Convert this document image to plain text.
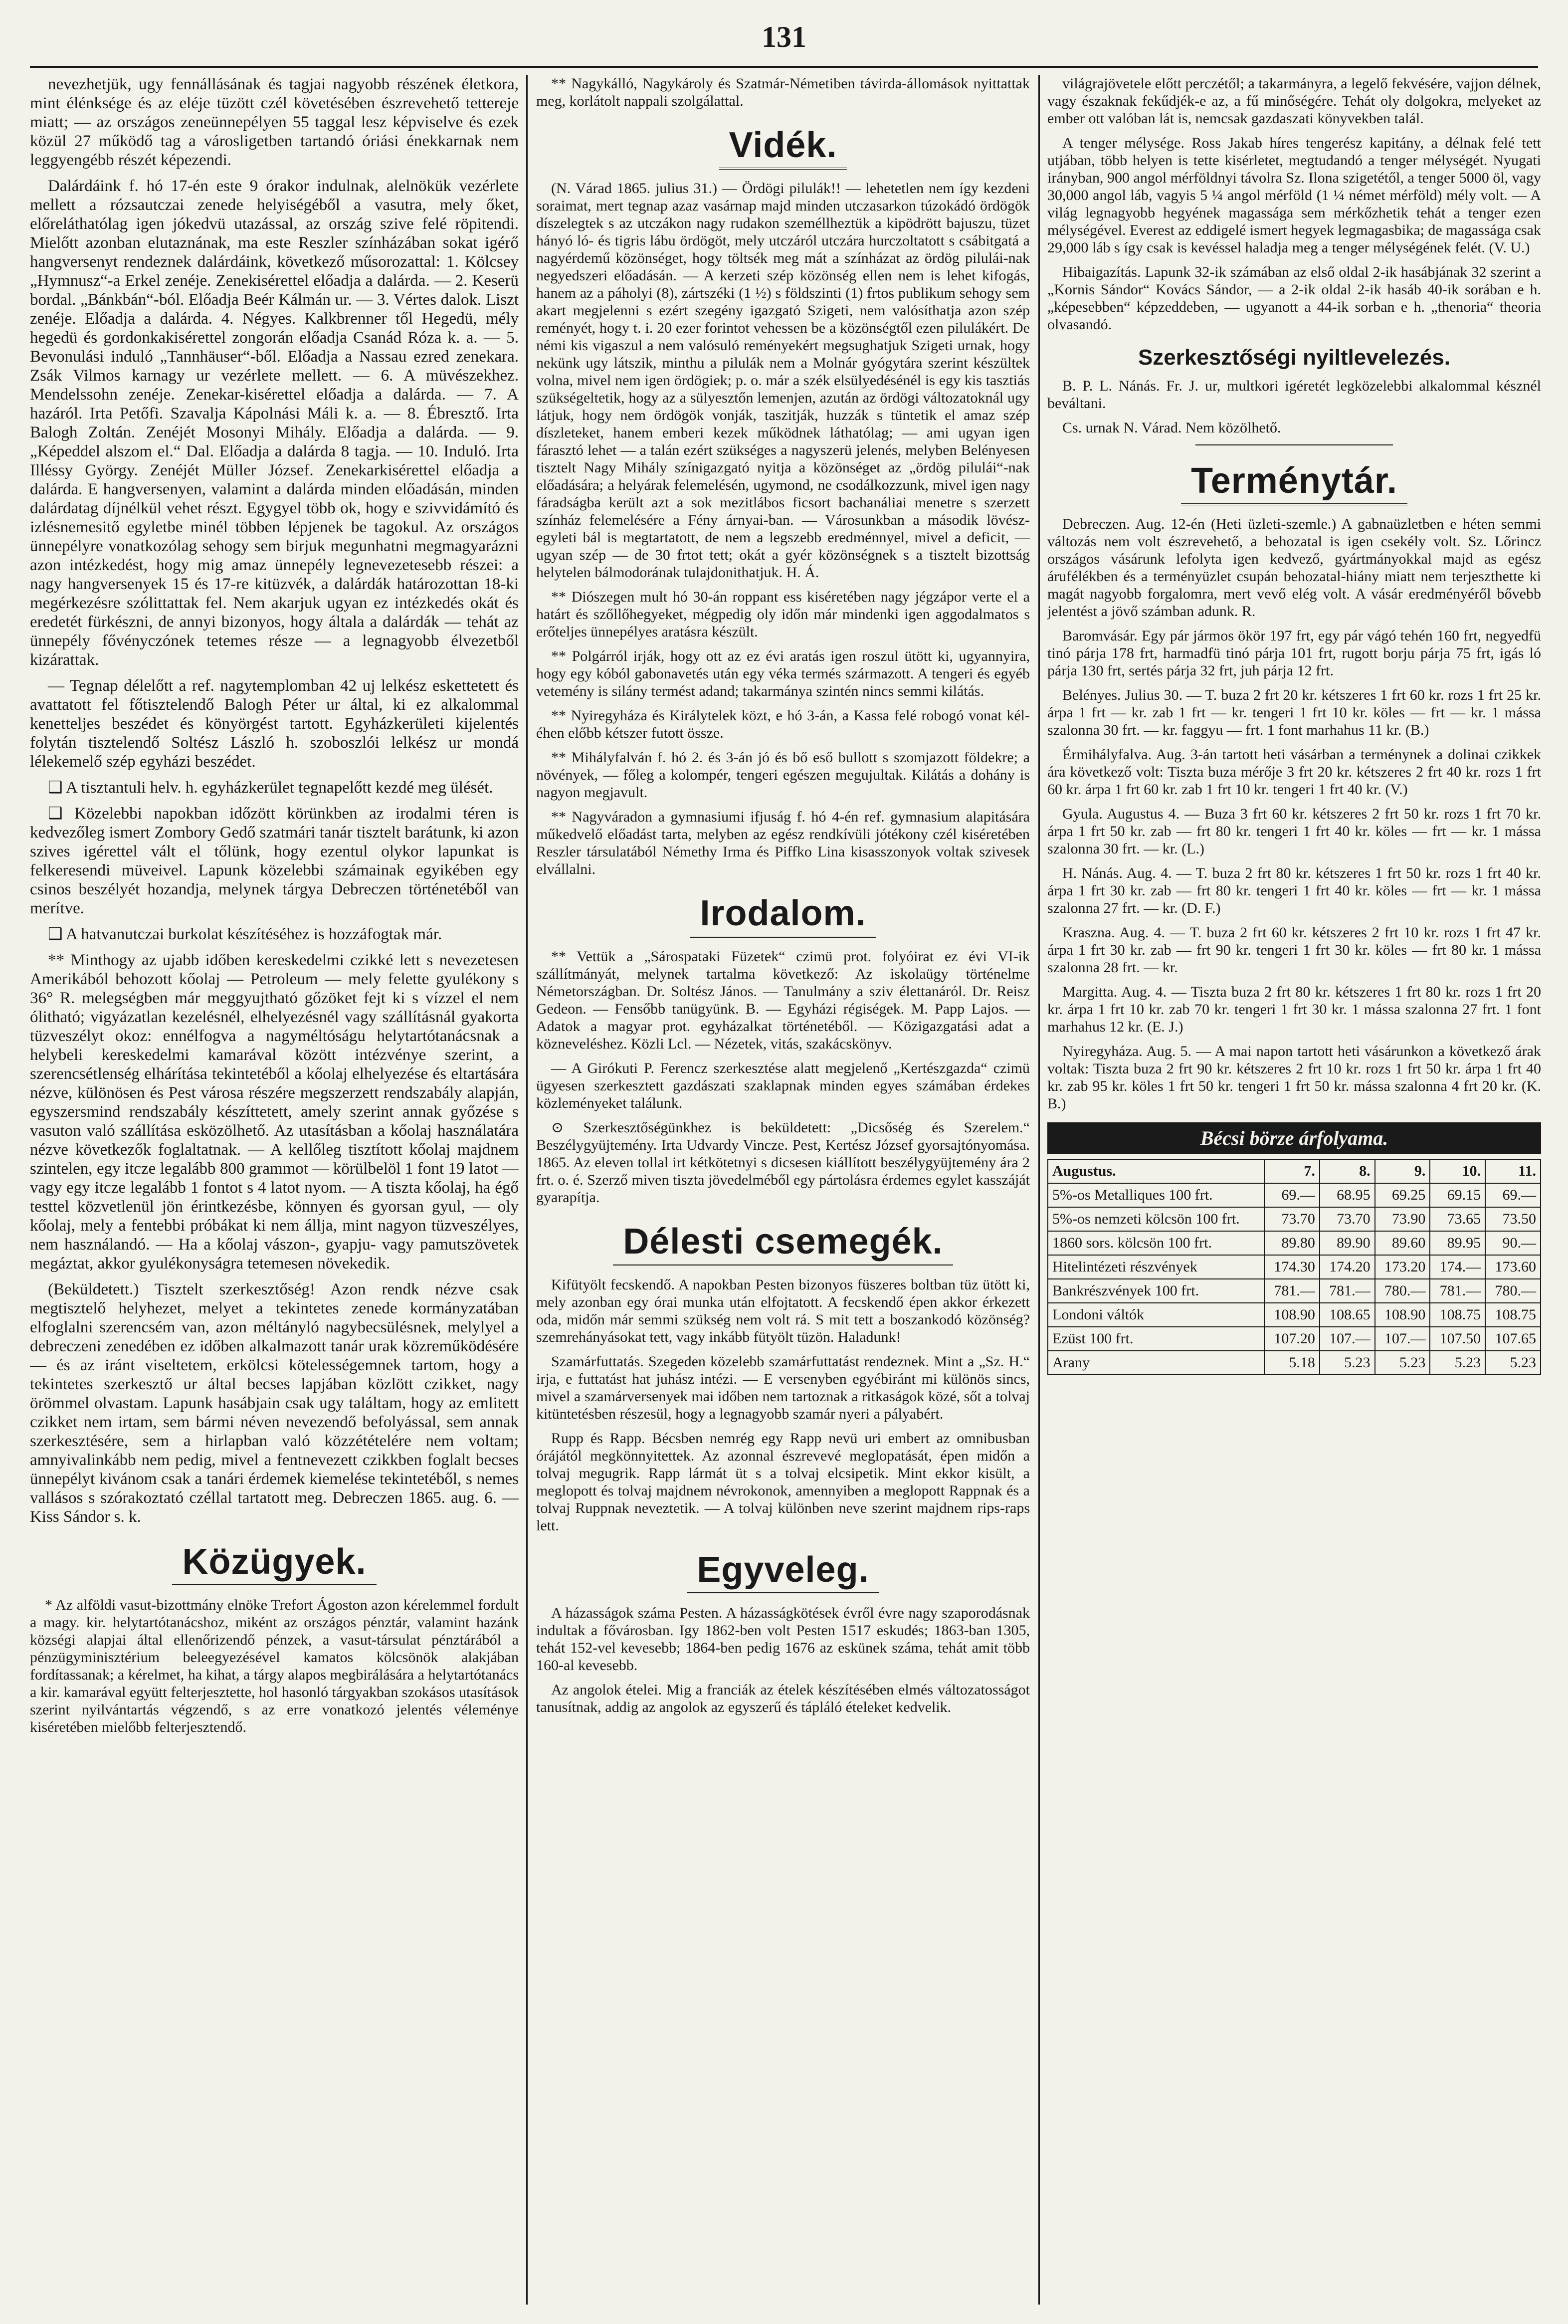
131

nevezhetjük, ugy fennállásának és tagjai nagyobb részének életkora, mint élénksége és az eléje tüzött czél követésében észrevehető tettereje miatt; — az országos zeneünnepélyen 55 taggal lesz képviselve és ezek közül 27 működő tag a városligetben tartandó óriási énekkarnak nem leggyengébb részét képezendi.

Dalárdáink f. hó 17-én este 9 órakor indulnak, alelnökük vezérlete mellett a rózsautczai zenede helyiségéből a vasutra, mely őket, előreláthatólag igen jókedvü utazással, az ország szive felé röpitendi. Mielőtt azonban elutaznának, ma este Reszler színházában sokat igérő hangversenyt rendeznek dalárdáink, következő műsorozattal: 1. Kölcsey „Hymnusz“-a Erkel zenéje. Zenekisérettel előadja a dalárda. — 2. Keserü bordal. „Bánkbán“-ból. Előadja Beér Kálmán ur. — 3. Vértes dalok. Liszt zenéje. Előadja a dalárda. 4. Négyes. Kalkbrenner től Hegedü, mély hegedü és gordonkakisérettel zongorán előadja Csanád Róza k. a. — 5. Bevonulási induló „Tannhäuser“-ből. Előadja a Nassau ezred zenekara. Zsák Vilmos karnagy ur vezérlete mellett. — 6. A müvészekhez. Mendelssohn zenéje. Zenekar-kisérettel előadja a dalárda. — 7. A hazáról. Irta Petőfi. Szavalja Kápolnási Máli k. a. — 8. Ébresztő. Irta Balogh Zoltán. Zenéjét Mosonyi Mihály. Előadja a dalárda. — 9. „Képeddel alszom el.“ Dal. Előadja a dalárda 8 tagja. — 10. Induló. Irta Illéssy György. Zenéjét Müller József. Zenekarkisérettel előadja a dalárda. E hangversenyen, valamint a dalárda minden előadásán, minden dalárdatag díjnélkül vehet részt. Egygyel több ok, hogy e szivvidámító és izlésnemesitő egyletbe minél többen lépjenek be tagokul. Az országos ünnepélyre vonatkozólag sehogy sem birjuk megunhatni megmagyarázni azon intézkedést, hogy mig amaz ünnepély legnevezetesebb részei: a nagy hangversenyek 15 és 17-re kitüzvék, a dalárdák határozottan 18-ki megérkezésre szólittattak fel. Nem akarjuk ugyan ez intézkedés okát és eredetét fürkészni, de annyi bizonyos, hogy általa a dalárdák — tehát az ünnepély fővényczónek tetemes része — a legnagyobb élvezetből kizárattak.

— Tegnap délelőtt a ref. nagytemplomban 42 uj lelkész eskettetett és avattatott fel főtisztelendő Balogh Péter ur által, ki ez alkalommal kenetteljes beszédet és könyörgést tartott. Egyházkerületi kijelentés folytán tisztelendő Soltész László h. szoboszlói lelkész ur mondá lélekemelő szép egyházi beszédet.

❑ A tisztantuli helv. h. egyházkerület tegnapelőtt kezdé meg ülését.

❑ Közelebbi napokban időzött körünkben az irodalmi téren is kedvezőleg ismert Zombory Gedő szatmári tanár tisztelt barátunk, ki azon szives igérettel vált el tőlünk, hogy ezentul olykor lapunkat is felkeresendi müveivel. Lapunk közelebbi számainak egyikében egy csinos beszélyét hozandja, melynek tárgya Debreczen történetéből van merítve.

❑ A hatvanutczai burkolat készítéséhez is hozzáfogtak már.

** Minthogy az ujabb időben kereskedelmi czikké lett s nevezetesen Amerikából behozott kőolaj — Petroleum — mely felette gyulékony s 36° R. melegségben már meggyujtható gőzöket fejt ki s vízzel el nem ólitható; vigyázatlan kezelésnél, elhelyezésnél vagy szállításnál gyakorta tüzveszélyt okoz: ennélfogva a nagyméltóságu helytartótanácsnak a helybeli kereskedelmi kamarával között intézvénye szerint, a szerencsétlenség elhárítása tekintetéből a kőolaj elhelyezése és eltartására nézve, különösen és Pest városa részére megszerzett rendszabály alapján, egyszersmind rendszabály készíttetett, amely szerint annak győzése s vasuton való szállítása esközölhető. Az utasításban a kőolaj használatára nézve következők foglaltatnak. — A kellőleg tisztított kőolaj majdnem szintelen, egy itcze legalább 800 grammot — körülbelöl 1 font 19 latot — vagy egy itcze legalább 1 fontot s 4 latot nyom. — A tiszta kőolaj, ha égő testtel közvetlenül jön érintkezésbe, könnyen és gyorsan gyul, — oly kőolaj, mely a fentebbi próbákat ki nem állja, mint nagyon tüzveszélyes, nem használandó. — Ha a kőolaj vászon-, gyapju- vagy pamutszövetek megáztat, akkor gyulékonyságra tetemesen növekedik.

(Beküldetett.) Tisztelt szerkesztőség! Azon rendk nézve csak megtisztelő helyhezet, melyet a tekintetes zenede kormányzatában elfoglalni szerencsém van, azon méltányló nagybecsülésnek, melylyel a debreczeni zenedében ez időben alkalmazott tanár urak közreműködésére — és az iránt viseltetem, erkölcsi kötelességemnek tartom, hogy a tekintetes szerkesztő ur által becses lapjában közlött czikket, nagy örömmel olvastam. Lapunk hasábjain csak ugy találtam, hogy az emlitett czikket nem irtam, sem bármi néven nevezendő befolyással, sem annak szerkesztésére, sem a hirlapban való közzétételére nem voltam; amnyivalinkább nem pedig, mivel a fentnevezett czikkben foglalt becses ünnepélyt kivánom csak a tanári érdemek kiemelése tekintetéből, s nemes vallásos s szórakoztató czéllal tartatott meg. Debreczen 1865. aug. 6. — Kiss Sándor s. k.

Közügyek.

* Az alföldi vasut-bizottmány elnöke Trefort Ágoston azon kérelemmel fordult a magy. kir. helytartótanácshoz, miként az országos pénztár, valamint hazánk községi alapjai által ellenőrizendő pénzek, a vasut-társulat pénztárából a pénzügyminisztérium beleegyezésével kamatos kölcsönök alakjában fordítassanak; a kérelmet, ha kihat, a tárgy alapos megbirálására a helytartótanács a kir. kamarával együtt felterjesztette, hol hasonló tárgyakban szokásos utasítások szerint nyilvántartás végzendő, s az erre vonatkozó jelentés véleménye kiséretében mielőbb felterjesztendő.

** Nagykálló, Nagykároly és Szatmár-Németiben távirda-állomások nyittattak meg, korlátolt nappali szolgálattal.

Vidék.

(N. Várad 1865. julius 31.) — Ördögi pilulák!! — lehetetlen nem így kezdeni soraimat, mert tegnap azaz vasárnap majd minden utczasarkon túzokádó ördögök díszelegtek s az utczákon nagy rudakon személlheztük a kipödrött bajuszu, tüzet hányó ló- és tigris lábu ördögöt, mely utczáról utczára hurczoltatott s csábitgatá a nagyérdemű közönséget, hogy töltsék meg mát a színházat az ördög pilulái-nak negyedszeri előadásán. — A kerzeti szép közönség ellen nem is lehet kifogás, hanem az a páholyi (8), zártszéki (1 ½) s földszinti (1) frtos publikum sehogy sem akart megjelenni s ezért szegény igazgató Szigeti, nem valósíthatja azon szép reményét, hogy t. i. 20 ezer forintot vehessen be a közönségtől ezen pilulákért. De némi kis vigaszul a nem valósuló reményekért megsughatjuk Szigeti urnak, hogy nekünk ugy látszik, minthu a pilulák nem a Molnár gyógytára szerint készültek volna, mivel nem igen ördögiek; p. o. már a szék elsülyedésénél is egy kis tasztiás szükségeltetik, hogy az a sülyesztőn lemenjen, azután az ördögi változatoknál ugy látjuk, hogy nem ördögök vonják, taszitják, huzzák s tüntetik el amaz szép díszleteket, hanem emberi kezek működnek láthatólag; — ami ugyan igen fárasztó lehet — a talán ezért szükséges a nagyszerü jelenés, melyben Belényesen tisztelt Nagy Mihály színigazgató nyitja a közönséget az „ördög pilulái“-nak előadására; a helyárak felemelésén, ugymond, ne csodálkozzunk, mivel igen nagy fáradságba került azt a sok mezitlábos ficsort bachanáliai menetre s szerzett színház felemelésére a Fény árnyai-ban. — Városunkban a második lövész-egyleti bál is megtartatott, de nem a legszebb eredménnyel, mivel a deficit, — ugyan szép — de 30 frtot tett; okát a gyér közönségnek s a tisztelt bizottság helytelen bálmodorának tulajdonithatjuk. H. Á.

** Diószegen mult hó 30-án roppant ess kiséretében nagy jégzápor verte el a határt és szőllőhegyeket, mégpedig oly időn már mindenki igen aggodalmatos s erőteljes ünnepélyes aratásra készült.

** Polgárról irják, hogy ott az ez évi aratás igen roszul ütött ki, ugyannyira, hogy egy kóból gabonavetés után egy véka termés származott. A tengeri és egyéb vetemény is silány termést adand; takarmánya szintén nincs semmi kilátás.

** Nyiregyháza és Királytelek közt, e hó 3-án, a Kassa felé robogó vonat kél- éhen előbb kétszer futott össze.

** Mihályfalván f. hó 2. és 3-án jó és bő eső bullott s szomjazott földekre; a növények, — főleg a kolompér, tengeri egészen megujultak. Kilátás a dohány is nagyon megjavult.

** Nagyváradon a gymnasiumi ifjuság f. hó 4-én ref. gymnasium alapitására műkedvelő előadást tarta, melyben az egész rendkívüli jótékony czél kiséretében Reszler társulatából Némethy Irma és Piffko Lina kisasszonyok voltak szivesek elvállalni.

Irodalom.

** Vettük a „Sárospataki Füzetek“ czimü prot. folyóirat ez évi VI-ik szállítmányát, melynek tartalma következő: Az iskolaügy történelme Németországban. Dr. Soltész János. — Tanulmány a sziv élettanáról. Dr. Reisz Gedeon. — Fensőbb tanügyünk. B. — Egyházi régiségek. M. Papp Lajos. — Adatok a magyar prot. egyházalkat történetéből. — Közigazgatási adat a közneveléshez. Közli Lcl. — Nézetek, vitás, szakácskönyv.

— A Girókuti P. Ferencz szerkesztése alatt megjelenő „Kertészgazda“ czimü ügyesen szerkesztett gazdászati szaklapnak minden egyes számában érdekes közleményeket találunk.

⊙ Szerkesztőségünkhez is beküldetett: „Dicsőség és Szerelem.“ Beszélygyüjtemény. Irta Udvardy Vincze. Pest, Kertész József gyorsajtónyomása. 1865. Az eleven tollal irt kétkötetnyi s dicsesen kiállított beszélygyüjtemény ára 2 frt. o. é. Szerző miven tiszta jövedelméből egy pártolásra érdemes egylet kasszáját gyarapítja.

Délesti csemegék.

Kifütyölt fecskendő. A napokban Pesten bizonyos füszeres boltban tüz ütött ki, mely azonban egy órai munka után elfojtatott. A fecskendő épen akkor érkezett oda, midőn már semmi szükség nem volt rá. S mit tett a boszankodó közönség? szemrehányásokat tett, vagy inkább fütyölt tüzön. Haladunk!

Szamárfuttatás. Szegeden közelebb szamárfuttatást rendeznek. Mint a „Sz. H.“ irja, e futtatást hat juhász intézi. — E versenyben egyébiránt mi különös sincs, mivel a szamárversenyek mai időben nem tartoznak a ritkaságok közé, sőt a tolvaj kitüntetésben részesül, hogy a legnagyobb szamár nyeri a pályabért.

Rupp és Rapp. Bécsben nemrég egy Rapp nevü uri embert az omnibusban órájától megkönnyitettek. Az azonnal észrevevé meglopatását, épen midőn a tolvaj megugrik. Rapp lármát üt s a tolvaj elcsipetik. Mint ekkor kisült, a meglopott és tolvaj majdnem névrokonok, amennyiben a meglopott Rappnak és a tolvaj Ruppnak neveztetik. — A tolvaj különben neve szerint majdnem rips-raps lett.

Egyveleg.

A házasságok száma Pesten. A házasságkötések évről évre nagy szaporodásnak indultak a fővárosban. Igy 1862-ben volt Pesten 1517 eskudés; 1863-ban 1305, tehát 152-vel kevesebb; 1864-ben pedig 1676 az eskünek száma, tehát amit több 160-al kevesebb.

Az angolok ételei. Mig a franciák az ételek készítésében elmés változatosságot tanusítnak, addig az angolok az egyszerű és tápláló ételeket kedvelik.

világrajövetele előtt perczétől; a takarmányra, a legelő fekvésére, vajjon délnek, vagy északnak fekűdjék-e az, a fű minőségére. Tehát oly dolgokra, melyeket az ember ott valóban lát is, nemcsak gazdaszati könyvekben talál.

A tenger mélysége. Ross Jakab híres tengerész kapitány, a délnak felé tett utjában, több helyen is tette kisérletet, megtudandó a tenger mélységét. Nyugati irányban, 900 angol mérföldnyi távolra Sz. Ilona szigetétől, a tenger 5000 öl, vagy 30,000 angol láb, vagyis 5 ¼ angol mérföld (1 ¼ német mérföld) mély volt. — A világ legnagyobb hegyének magassága sem mérkőzhetik tehát a tenger ezen mélységével. Everest az eddigelé ismert hegyek legmagasbika; de magassága csak 29,000 láb s így csak is kevéssel haladja meg a tenger mélységének felét. (V. U.)

Hibaigazítás. Lapunk 32-ik számában az első oldal 2-ik hasábjának 32 szerint a „Kornis Sándor“ Kovács Sándor, — a 2-ik oldal 2-ik hasáb 40-ik sorában e h. „képesebben“ képzeddeben, — ugyanott a 44-ik sorban e h. „thenoria“ theoria olvasandó.

Szerkesztőségi nyiltlevelezés.

B. P. L. Nánás. Fr. J. ur, multkori igéretét legközelebbi alkalommal késznél beváltani.

Cs. urnak N. Várad. Nem közölhető.

Terménytár.

Debreczen. Aug. 12-én (Heti üzleti-szemle.) A gabnaüzletben e héten semmi változás nem volt észrevehető, a behozatal is igen csekély volt. Sz. Lőrincz országos vásárunk lefolyta igen kedvező, gyártmányokkal majd as egész árufélékben és a terményüzlet csupán behozatal-hiány miatt nem terjeszthette ki magát nagyobb forgalomra, mert vevő elég volt. A vásár eredményéről bővebb jelentést a jövő számban adunk. R.

Baromvásár. Egy pár jármos ökör 197 frt, egy pár vágó tehén 160 frt, negyedfü tinó párja 178 frt, harmadfü tinó párja 101 frt, rugott borju párja 75 frt, igás ló párja 130 frt, sertés párja 32 frt, juh párja 12 frt.

Belényes. Julius 30. — T. buza 2 frt 20 kr. kétszeres 1 frt 60 kr. rozs 1 frt 25 kr. árpa 1 frt — kr. zab 1 frt — kr. tengeri 1 frt 10 kr. köles — frt — kr. 1 mássa szalonna 30 frt. — kr. faggyu — frt. 1 font marhahus 11 kr. (B.)

Érmihályfalva. Aug. 3-án tartott heti vásárban a terménynek a dolinai czikkek ára következő volt: Tiszta buza mérője 3 frt 20 kr. kétszeres 2 frt 40 kr. rozs 1 frt 60 kr. árpa 1 frt 60 kr. zab 1 frt 10 kr. tengeri 1 frt 40 kr. (V.)

Gyula. Augustus 4. — Buza 3 frt 60 kr. kétszeres 2 frt 50 kr. rozs 1 frt 70 kr. árpa 1 frt 50 kr. zab — frt 80 kr. tengeri 1 frt 40 kr. köles — frt — kr. 1 mássa szalonna 30 frt. — kr. (L.)

H. Nánás. Aug. 4. — T. buza 2 frt 80 kr. kétszeres 1 frt 50 kr. rozs 1 frt 40 kr. árpa 1 frt 30 kr. zab — frt 80 kr. tengeri 1 frt 40 kr. köles — frt — kr. 1 mássa szalonna 27 frt. — kr. (D. F.)

Kraszna. Aug. 4. — T. buza 2 frt 60 kr. kétszeres 2 frt 10 kr. rozs 1 frt 47 kr. árpa 1 frt 30 kr. zab — frt 90 kr. tengeri 1 frt 30 kr. köles — frt 80 kr. 1 mássa szalonna 28 frt. — kr.

Margitta. Aug. 4. — Tiszta buza 2 frt 80 kr. kétszeres 1 frt 80 kr. rozs 1 frt 20 kr. árpa 1 frt 10 kr. zab 70 kr. tengeri 1 frt 30 kr. 1 mássa szalonna 27 frt. 1 font marhahus 12 kr. (E. J.)

Nyiregyháza. Aug. 5. — A mai napon tartott heti vásárunkon a következő árak voltak: Tiszta buza 2 frt 90 kr. kétszeres 2 frt 10 kr. rozs 1 frt 50 kr. árpa 1 frt 40 kr. zab 95 kr. köles 1 frt 50 kr. tengeri 1 frt 50 kr. mássa szalonna 4 frt 20 kr. (K. B.)

Bécsi börze árfolyama.
Augustus.	7.	8.	9.	10.	11.
5%-os Metalliques 100 frt.	69.—	68.95	69.25	69.15	69.—
5%-os nemzeti kölcsön 100 frt.	73.70	73.70	73.90	73.65	73.50
1860 sors. kölcsön 100 frt.	89.80	89.90	89.60	89.95	90.—
Hitelintézeti részvények	174.30	174.20	173.20	174.—	173.60
Bankrészvények 100 frt.	781.—	781.—	780.—	781.—	780.—
Londoni váltók	108.90	108.65	108.90	108.75	108.75
Ezüst 100 frt.	107.20	107.—	107.—	107.50	107.65
Arany	5.18	5.23	5.23	5.23	5.23
